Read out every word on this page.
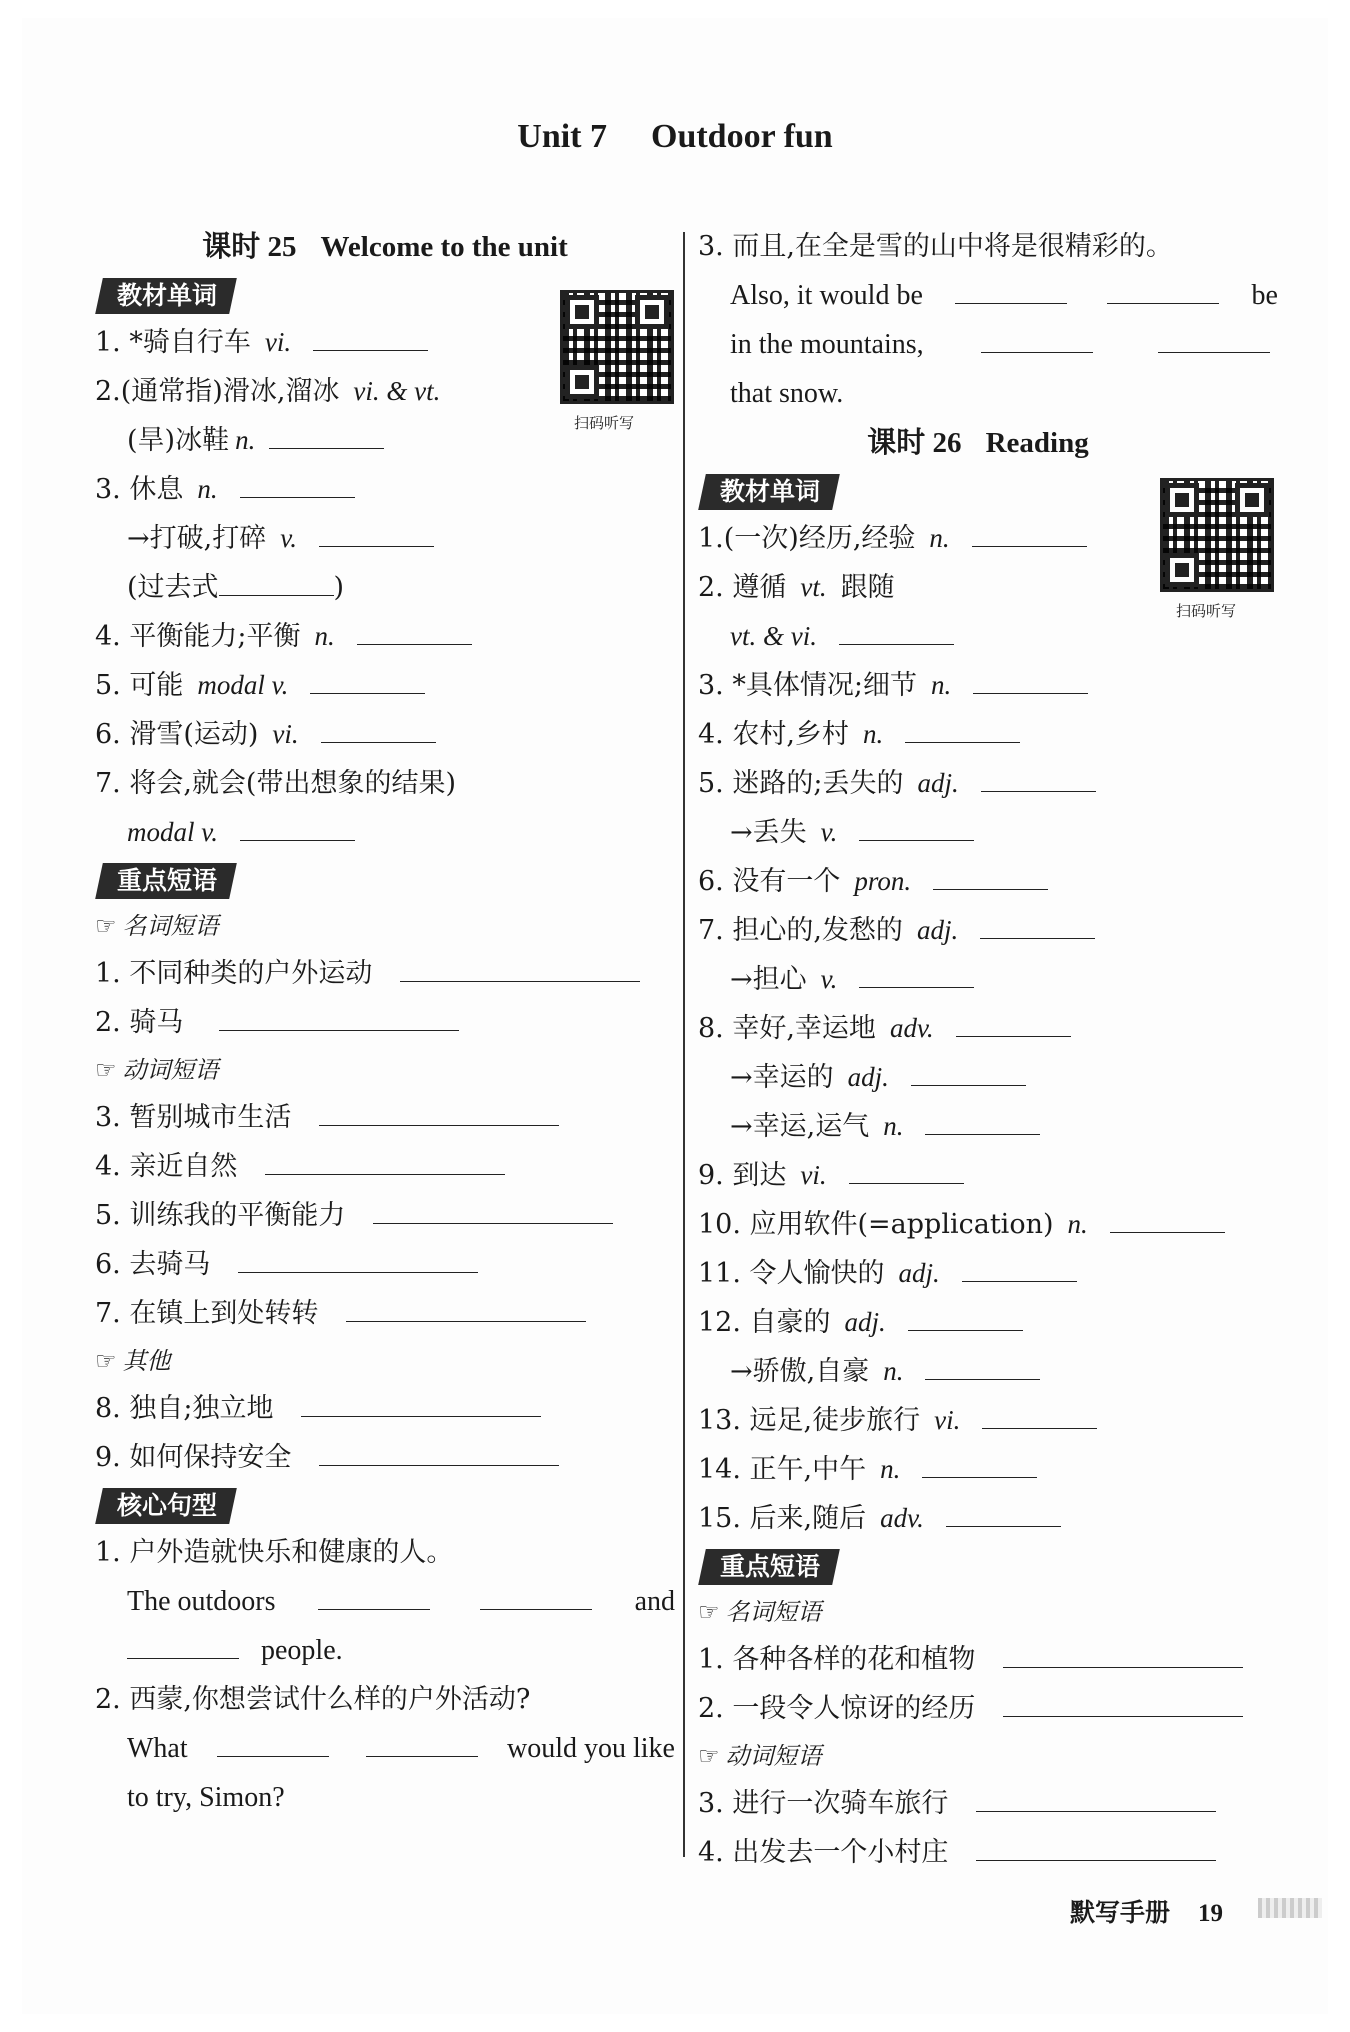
Unit 7 Outdoor fun
课时 25 Welcome to the unit
教材单词
1. *骑自行车 vi.
2.(通常指)滑冰,溜冰 vi. & vt.
(旱)冰鞋 n.
3. 休息 n.
→打破,打碎 v.
(过去式	)
4. 平衡能力;平衡 n.
5. 可能 modal v.
6. 滑雪(运动) vi.
7. 将会,就会(带出想象的结果)
modal v.
重点短语
☞ 名词短语
1. 不同种类的户外运动
2. 骑马
☞ 动词短语
3. 暂别城市生活
4. 亲近自然
5. 训练我的平衡能力
6. 去骑马
7. 在镇上到处转转
☞ 其他
8. 独自;独立地
9. 如何保持安全
核心句型
1. 户外造就快乐和健康的人。
The outdoors	and
people.
2. 西蒙,你想尝试什么样的户外活动?
What	would you like
to try, Simon?
扫码听写
3. 而且,在全是雪的山中将是很精彩的。
Also, it would be	be
in the mountains,
that snow.
课时 26 Reading
教材单词
1.(一次)经历,经验 n.
2. 遵循 vt. 跟随
vt. & vi.
3. *具体情况;细节 n.
4. 农村,乡村 n.
5. 迷路的;丢失的 adj.
→丢失 v.
6. 没有一个 pron.
7. 担心的,发愁的 adj.
→担心 v.
8. 幸好,幸运地 adv.
→幸运的 adj.
→幸运,运气 n.
9. 到达 vi.
10. 应用软件(=application) n.
11. 令人愉快的 adj.
12. 自豪的 adj.
→骄傲,自豪 n.
13. 远足,徒步旅行 vi.
14. 正午,中午 n.
15. 后来,随后 adv.
重点短语
☞ 名词短语
1. 各种各样的花和植物
2. 一段令人惊讶的经历
☞ 动词短语
3. 进行一次骑车旅行
4. 出发去一个小村庄
扫码听写
默写手册 19
